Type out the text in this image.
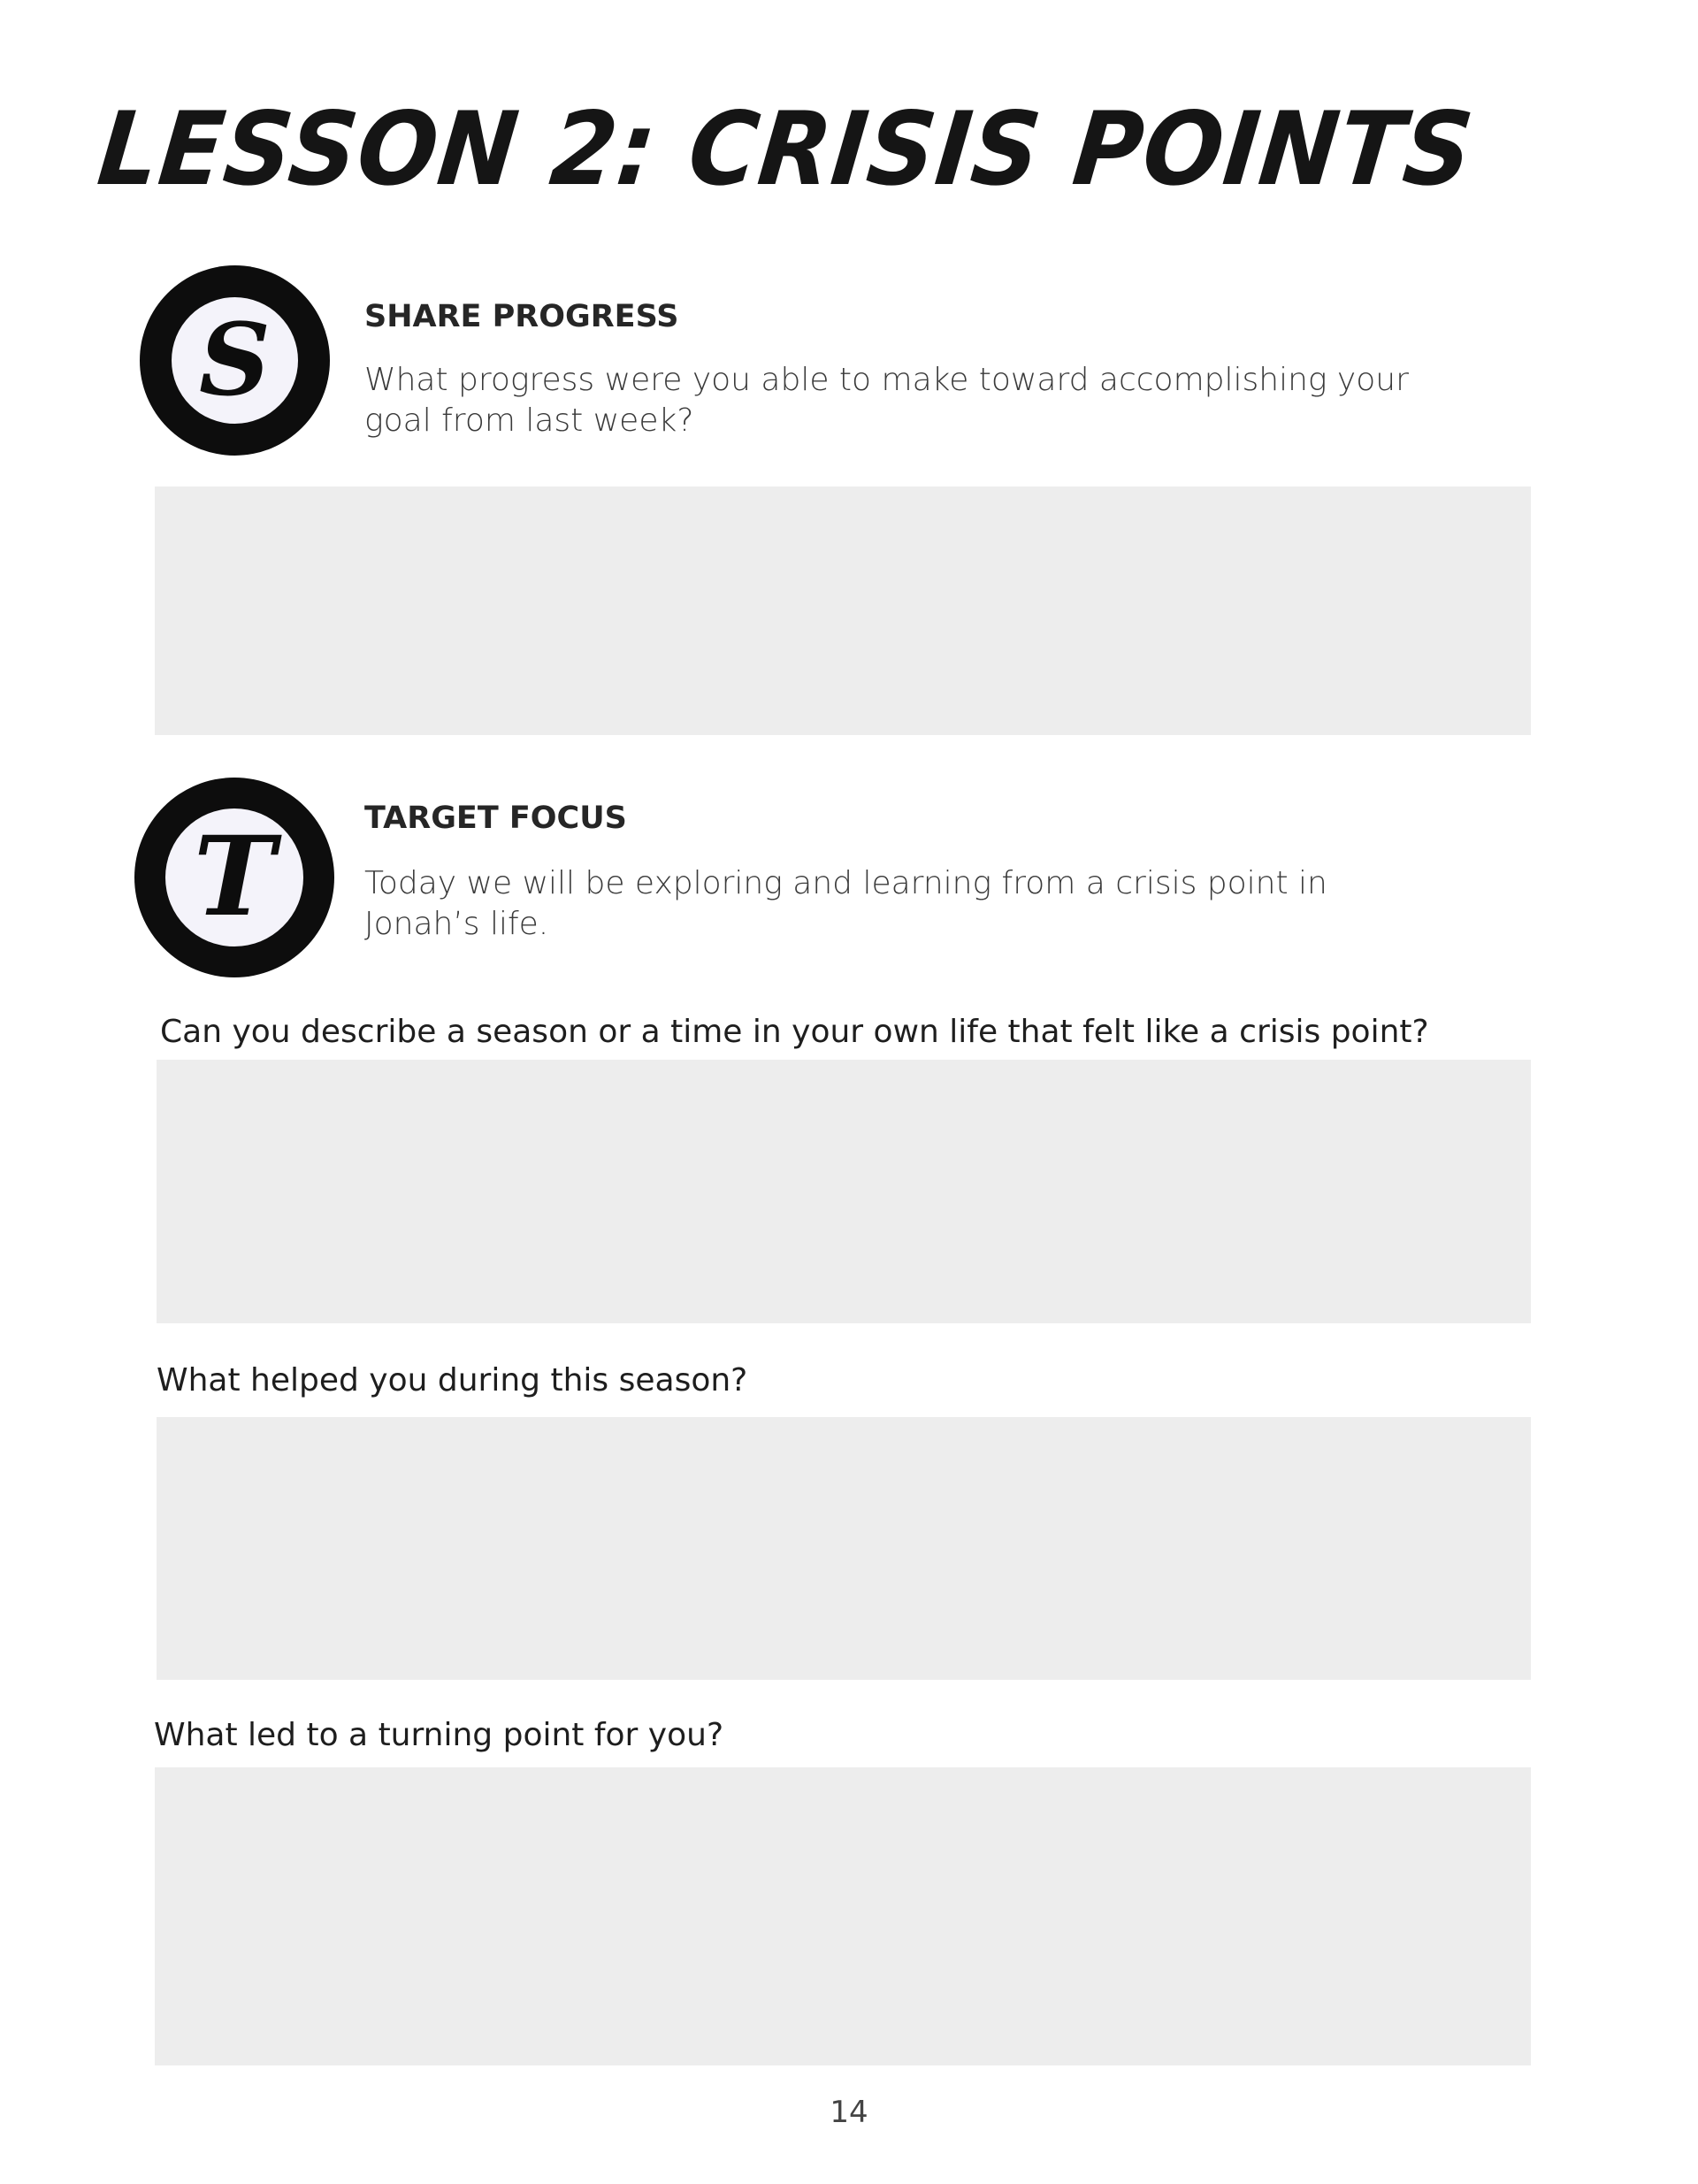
LESSON 2: CRISIS POINTS
S	SHARE PROGRESS

What progress were you able to make toward accomplishing your goal from last week?

T	TARGET FOCUS

Today we will be exploring and learning from a crisis point in Jonah’s life.

Can you describe a season or a time in your own life that felt like a crisis point?

What helped you during this season?

What led to a turning point for you?

14
